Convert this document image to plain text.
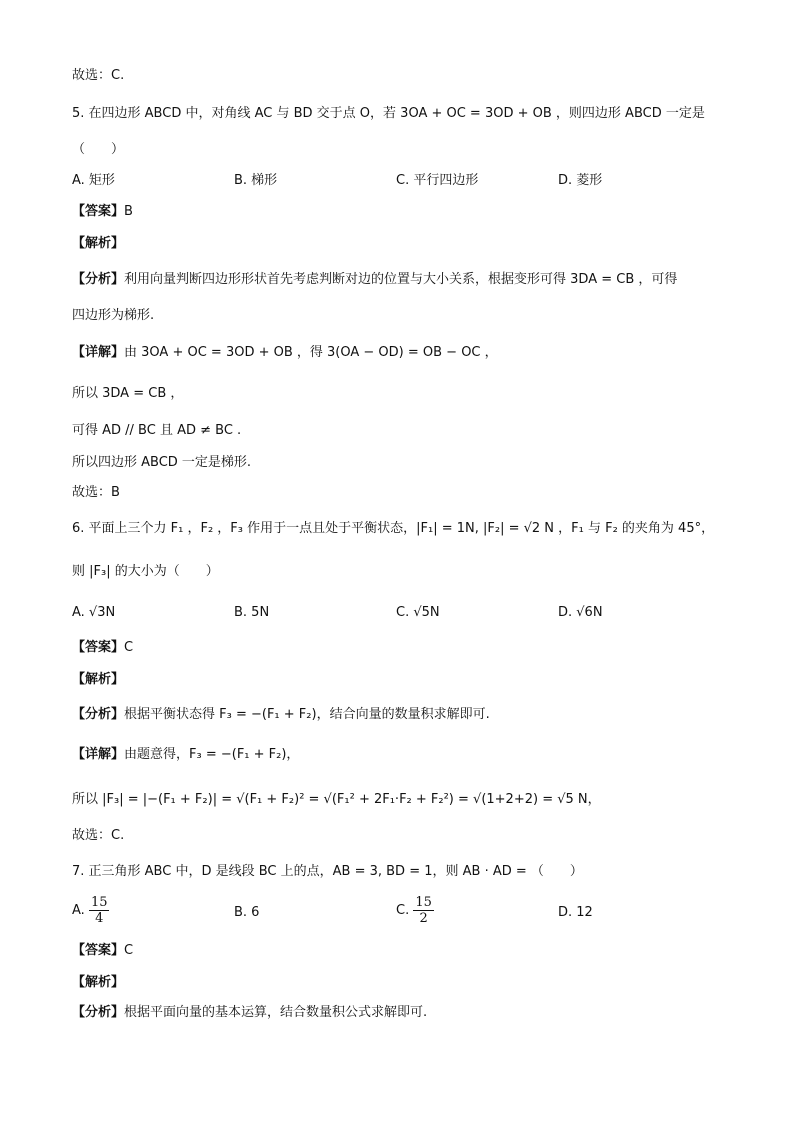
故选：C.
5. 在四边形 ABCD 中，对角线 AC 与 BD 交于点 O，若 3OA + OC = 3OD + OB ，则四边形 ABCD 一定是
（　　）
A. 矩形	B. 梯形	C. 平行四边形	D. 菱形
【答案】B
【解析】
【分析】利用向量判断四边形形状首先考虑判断对边的位置与大小关系，根据变形可得 3DA = CB ，可得
四边形为梯形.
【详解】由 3OA + OC = 3OD + OB ，得 3(OA − OD) = OB − OC ，
所以 3DA = CB ，
可得 AD // BC 且 AD ≠ BC .
所以四边形 ABCD 一定是梯形.
故选：B
6. 平面上三个力 F₁ ，F₂ ，F₃ 作用于一点且处于平衡状态，|F₁| = 1N, |F₂| = √2 N ，F₁ 与 F₂ 的夹角为 45°，
则 |F₃| 的大小为（　　）
A. √3N	B. 5N	C. √5N	D. √6N
【答案】C
【解析】
【分析】根据平衡状态得 F₃ = −(F₁ + F₂)，结合向量的数量积求解即可.
【详解】由题意得，F₃ = −(F₁ + F₂)，
所以 |F₃| = |−(F₁ + F₂)| = √(F₁ + F₂)² = √(F₁² + 2F₁·F₂ + F₂²) = √(1+2+2) = √5 N，
故选：C.
7. 正三角形 ABC 中，D 是线段 BC 上的点，AB = 3, BD = 1，则 AB · AD = （　　）
A. $\frac{15}{4}$	B. 6	C. $\frac{15}{2}$	D. 12
【答案】C
【解析】
【分析】根据平面向量的基本运算，结合数量积公式求解即可.
